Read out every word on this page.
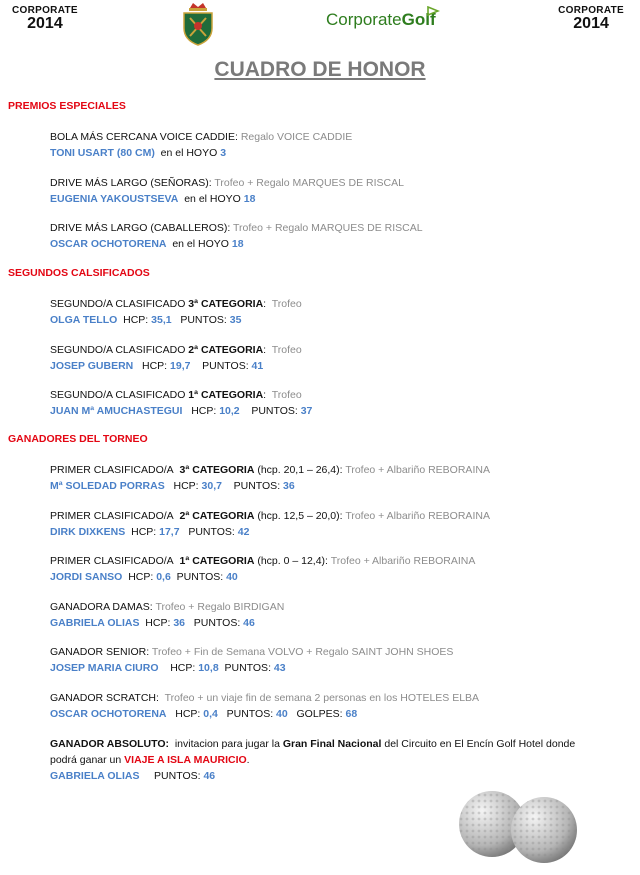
CORPORATE
2014	CorporateGolf	CORPORATE
2014
CUADRO DE HONOR
PREMIOS ESPECIALES
BOLA MÁS CERCANA VOICE CADDIE: Regalo VOICE CADDIE
TONI USART (80 CM) en el HOYO 3
DRIVE MÁS LARGO (SEÑORAS): Trofeo + Regalo MARQUES DE RISCAL
EUGENIA YAKOUSTSEVA en el HOYO 18
DRIVE MÁS LARGO (CABALLEROS): Trofeo + Regalo MARQUES DE RISCAL
OSCAR OCHOTORENA en el HOYO 18
SEGUNDOS CALSIFICADOS
SEGUNDO/A CLASIFICADO 3ª CATEGORIA:  Trofeo
OLGA TELLO HCP: 35,1 PUNTOS: 35
SEGUNDO/A CLASIFICADO 2ª CATEGORIA:  Trofeo
JOSEP GUBERN HCP: 19,7 PUNTOS: 41
SEGUNDO/A CLASIFICADO 1ª CATEGORIA:  Trofeo
JUAN Mª AMUCHASTEGUI HCP: 10,2 PUNTOS: 37
GANADORES DEL TORNEO
PRIMER CLASIFICADO/A 3ª CATEGORIA (hcp. 20,1 – 26,4): Trofeo + Albariño REBORAINA
Mª SOLEDAD PORRAS HCP: 30,7 PUNTOS: 36
PRIMER CLASIFICADO/A 2ª CATEGORIA (hcp. 12,5 – 20,0): Trofeo + Albariño REBORAINA
DIRK DIXKENS HCP: 17,7 PUNTOS: 42
PRIMER CLASIFICADO/A 1ª CATEGORIA (hcp. 0 – 12,4): Trofeo + Albariño REBORAINA
JORDI SANSO HCP: 0,6 PUNTOS: 40
GANADORA DAMAS: Trofeo + Regalo BIRDIGAN
GABRIELA OLIAS HCP: 36 PUNTOS: 46
GANADOR SENIOR: Trofeo + Fin de Semana VOLVO + Regalo SAINT JOHN SHOES
JOSEP MARIA CIURO HCP: 10,8 PUNTOS: 43
GANADOR SCRATCH: Trofeo + un viaje fin de semana 2 personas en los HOTELES ELBA
OSCAR OCHOTORENA HCP: 0,4 PUNTOS: 40 GOLPES: 68
GANADOR ABSOLUTO: invitacion para jugar la Gran Final Nacional del Circuito en El Encín Golf Hotel donde podrá ganar un VIAJE A ISLA MAURICIO.
GABRIELA OLIAS PUNTOS: 46
